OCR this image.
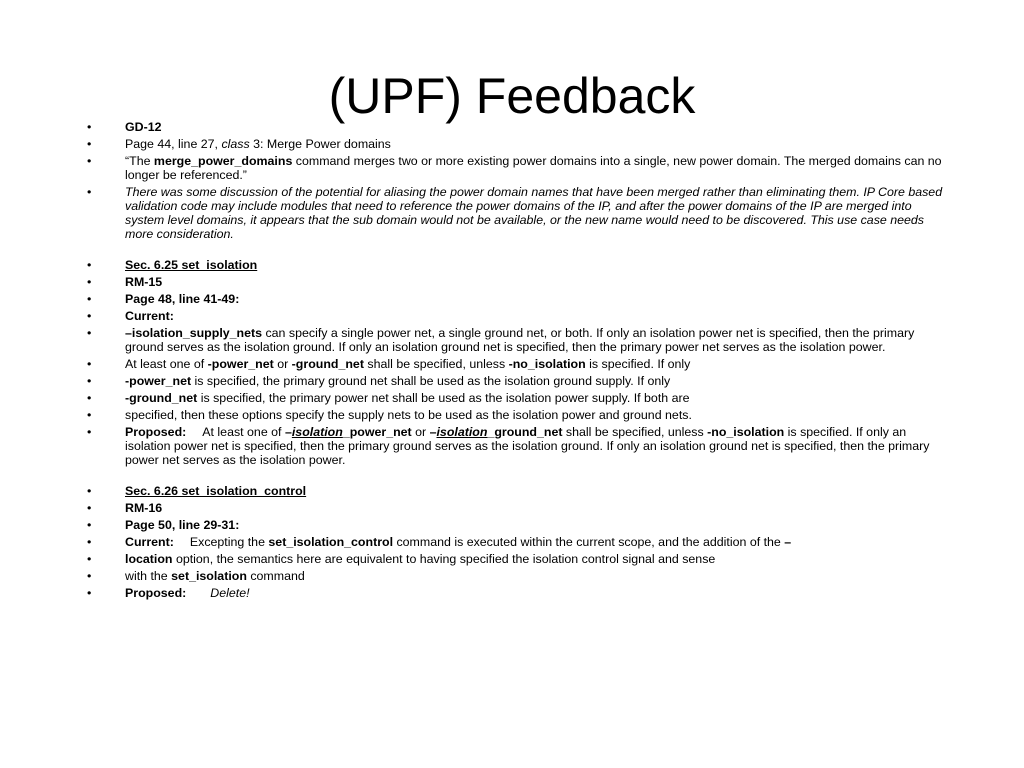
(UPF) Feedback
• GD-12
• Page 44, line 27, class 3: Merge Power domains
• “The merge_power_domains command merges two or more existing power domains into a single, new power domain. The merged domains can no longer be referenced.”
• There was some discussion of the potential for aliasing the power domain names that have been merged rather than eliminating them. IP Core based validation code may include modules that need to reference the power domains of the IP, and after the power domains of the IP are merged into system level domains, it appears that the sub domain would not be available, or the new name would need to be discovered. This use case needs more consideration.
• Sec. 6.25 set_isolation
• RM-15
• Page 48, line 41-49:
• Current:
• –isolation_supply_nets can specify a single power net, a single ground net, or both. If only an isolation power net is specified, then the primary ground serves as the isolation ground. If only an isolation ground net is specified, then the primary power net serves as the isolation power.
• At least one of -power_net or -ground_net shall be specified, unless -no_isolation is specified. If only
• -power_net is specified, the primary ground net shall be used as the isolation ground supply. If only
• -ground_net is specified, the primary power net shall be used as the isolation power supply. If both are
• specified, then these options specify the supply nets to be used as the isolation power and ground nets.
• Proposed: At least one of –isolation_power_net or –isolation_ground_net shall be specified, unless -no_isolation is specified. If only an isolation power net is specified, then the primary ground serves as the isolation ground. If only an isolation ground net is specified, then the primary power net serves as the isolation power.
• Sec. 6.26 set_isolation_control
• RM-16
• Page 50, line 29-31:
• Current: Excepting the set_isolation_control command is executed within the current scope, and the addition of the –
• location option, the semantics here are equivalent to having specified the isolation control signal and sense
• with the set_isolation command
• Proposed: Delete!
